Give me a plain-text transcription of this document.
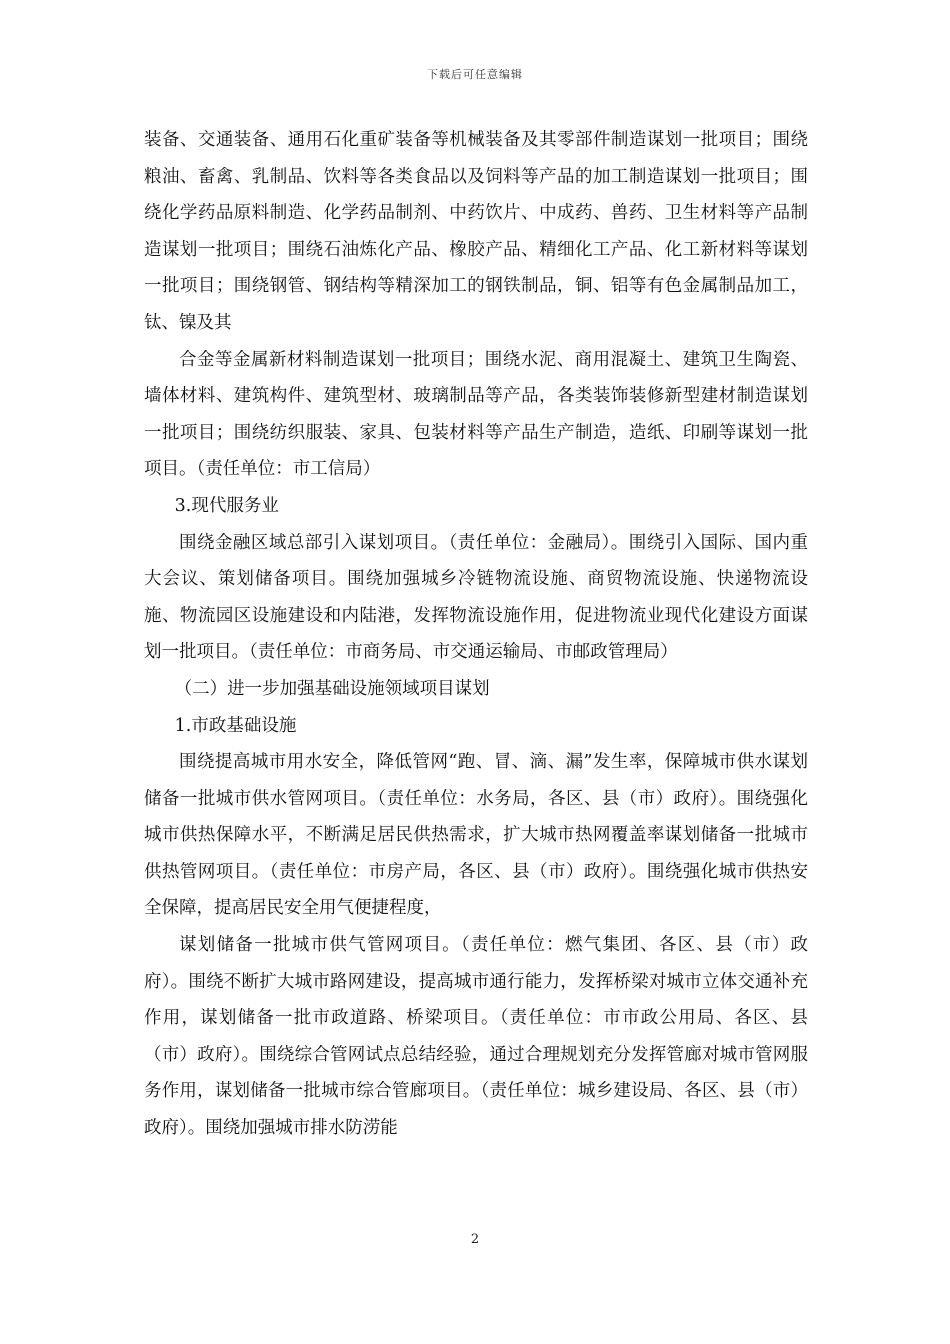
下载后可任意编辑

装备、交通装备、通用石化重矿装备等机械装备及其零部件制造谋划一批项目；围绕粮油、畜禽、乳制品、饮料等各类食品以及饲料等产品的加工制造谋划一批项目；围绕化学药品原料制造、化学药品制剂、中药饮片、中成药、兽药、卫生材料等产品制造谋划一批项目；围绕石油炼化产品、橡胶产品、精细化工产品、化工新材料等谋划一批项目；围绕钢管、钢结构等精深加工的钢铁制品，铜、铝等有色金属制品加工，钛、镍及其

合金等金属新材料制造谋划一批项目；围绕水泥、商用混凝土、建筑卫生陶瓷、墙体材料、建筑构件、建筑型材、玻璃制品等产品，各类装饰装修新型建材制造谋划一批项目；围绕纺织服装、家具、包装材料等产品生产制造，造纸、印刷等谋划一批项目。（责任单位：市工信局）

3.现代服务业

围绕金融区域总部引入谋划项目。（责任单位：金融局）。围绕引入国际、国内重大会议、策划储备项目。围绕加强城乡冷链物流设施、商贸物流设施、快递物流设施、物流园区设施建设和内陆港，发挥物流设施作用，促进物流业现代化建设方面谋划一批项目。（责任单位：市商务局、市交通运输局、市邮政管理局）

（二）进一步加强基础设施领域项目谋划

1.市政基础设施

围绕提高城市用水安全，降低管网“跑、冒、滴、漏”发生率，保障城市供水谋划储备一批城市供水管网项目。（责任单位：水务局，各区、县（市）政府）。围绕强化城市供热保障水平，不断满足居民供热需求，扩大城市热网覆盖率谋划储备一批城市供热管网项目。（责任单位：市房产局，各区、县（市）政府）。围绕强化城市供热安全保障，提高居民安全用气便捷程度，

谋划储备一批城市供气管网项目。（责任单位：燃气集团、各区、县（市）政府）。围绕不断扩大城市路网建设，提高城市通行能力，发挥桥梁对城市立体交通补充作用，谋划储备一批市政道路、桥梁项目。（责任单位：市市政公用局、各区、县（市）政府）。围绕综合管网试点总结经验，通过合理规划充分发挥管廊对城市管网服务作用，谋划储备一批城市综合管廊项目。（责任单位：城乡建设局、各区、县（市）政府）。围绕加强城市排水防涝能

2
